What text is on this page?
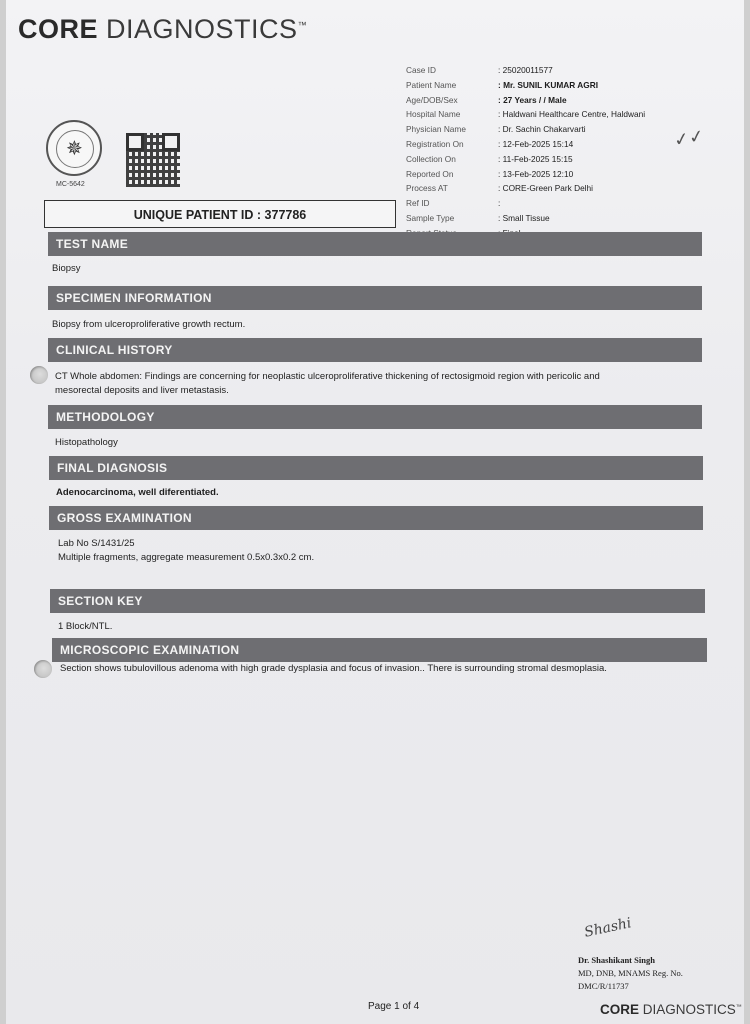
CORE DIAGNOSTICS™
✵
MC-5642
Case ID	: 25020011577
Patient Name	: Mr. SUNIL KUMAR AGRI
Age/DOB/Sex	: 27 Years / / Male
Hospital Name	: Haldwani Healthcare Centre, Haldwani
Physician Name	: Dr. Sachin Chakarvarti
Registration On	: 12-Feb-2025 15:14
Collection On	: 11-Feb-2025 15:15
Reported On	: 13-Feb-2025 12:10
Process AT	: CORE-Green Park Delhi
Ref ID	:
Sample Type	: Small Tissue
✓✓
UNIQUE PATIENT ID : 377786
TEST NAME
Biopsy
SPECIMEN INFORMATION
Biopsy from ulceroproliferative growth rectum.
CLINICAL HISTORY
CT Whole abdomen: Findings are concerning for neoplastic ulceroproliferative thickening of rectosigmoid region with pericolic and
mesorectal deposits and liver metastasis.
METHODOLOGY
Histopathology
FINAL DIAGNOSIS
Adenocarcinoma, well diferentiated.
GROSS EXAMINATION
Lab No S/1431/25
Multiple fragments, aggregate measurement 0.5x0.3x0.2 cm.
SECTION KEY
1 Block/NTL.
MICROSCOPIC EXAMINATION
Section shows tubulovillous adenoma with high grade dysplasia and focus of invasion.. There is surrounding stromal desmoplasia.
Shashi
Dr. Shashikant Singh
MD, DNB, MNAMS Reg. No.
DMC/R/11737
Page 1 of 4	CORE DIAGNOSTICS™
